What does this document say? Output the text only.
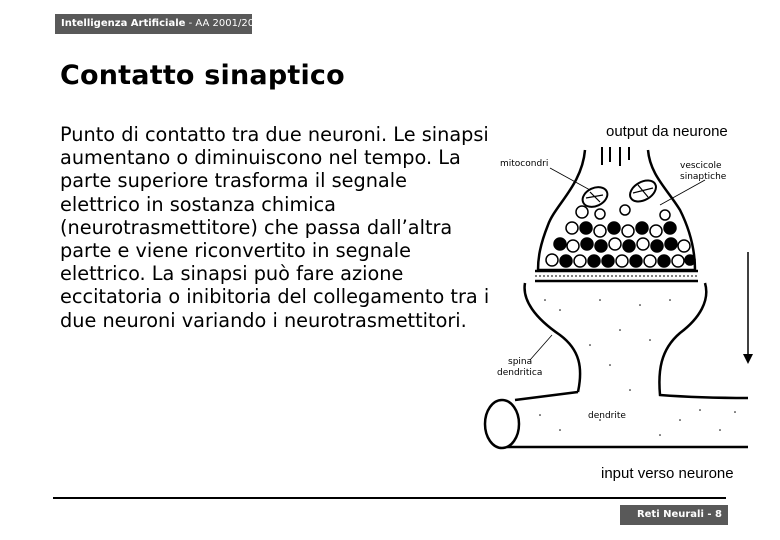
Intelligenza Artificiale - AA 2001/2002
Contatto sinaptico
Punto di contatto tra due neuroni. Le sinapsi aumentano o diminuiscono nel tempo. La parte superiore trasforma il segnale elettrico in sostanza chimica (neurotrasmettitore) che passa dall’altra parte e viene riconvertito in segnale elettrico. La sinapsi può fare azione eccitatoria o inibitoria del collegamento tra i due neuroni variando i neurotrasmettitori.
mitocondri	vescicole
sinaptiche
spina
dendritica
dendrite
output da neurone
input verso neurone
Reti Neurali - 8
